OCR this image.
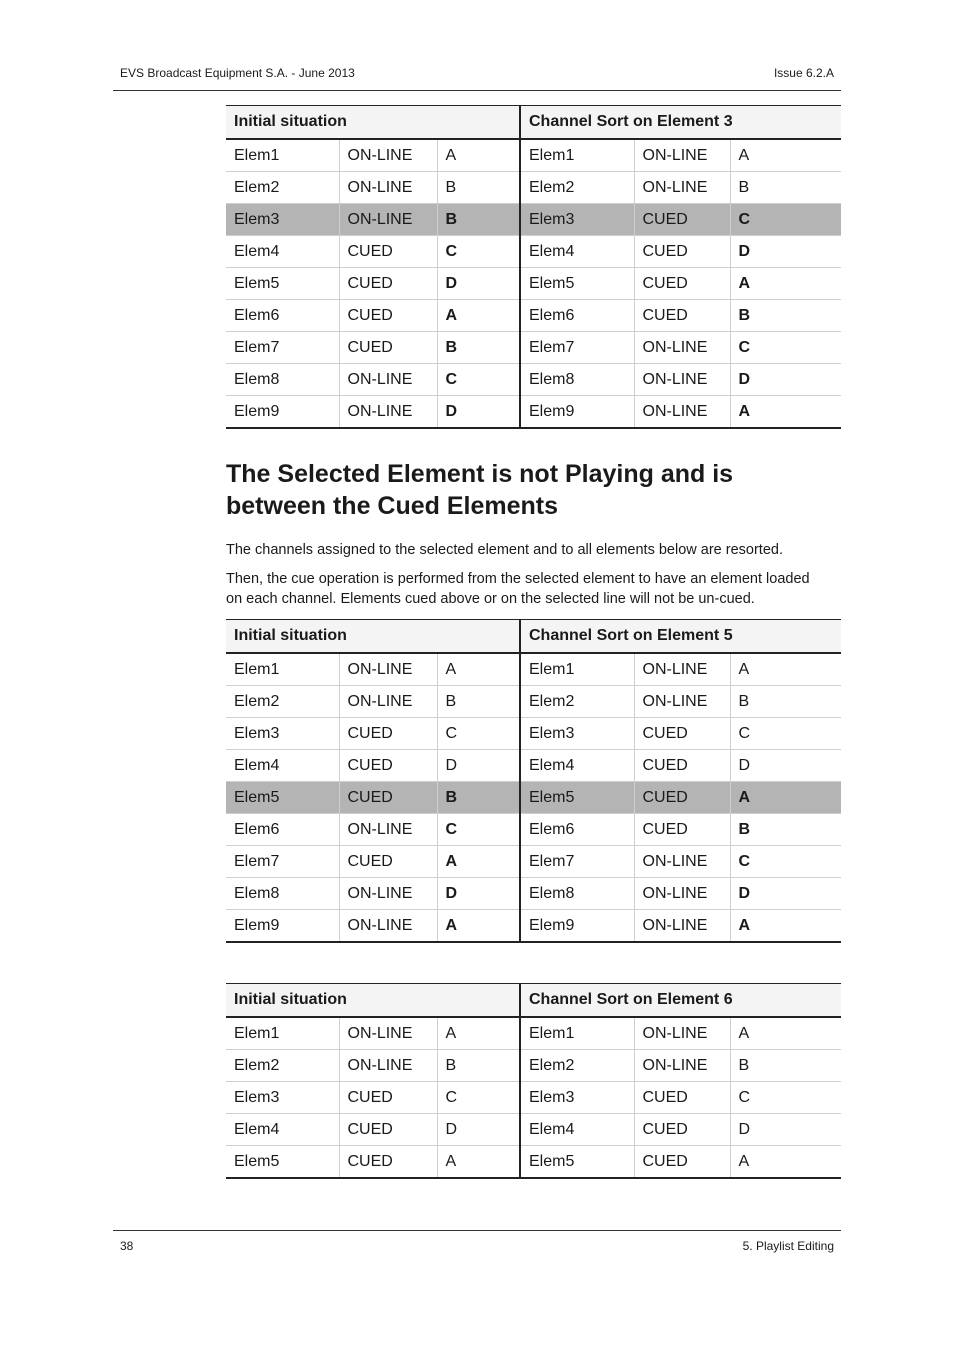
EVS Broadcast Equipment S.A. - June 2013	Issue 6.2.A
Initial situation			Channel Sort on Element 3		
Elem1	ON-LINE	A	Elem1	ON-LINE	A
Elem2	ON-LINE	B	Elem2	ON-LINE	B
Elem3	ON-LINE	B	Elem3	CUED	C
Elem4	CUED	C	Elem4	CUED	D
Elem5	CUED	D	Elem5	CUED	A
Elem6	CUED	A	Elem6	CUED	B
Elem7	CUED	B	Elem7	ON-LINE	C
Elem8	ON-LINE	C	Elem8	ON-LINE	D
Elem9	ON-LINE	D	Elem9	ON-LINE	A
The Selected Element is not Playing and is
between the Cued Elements

The channels assigned to the selected element and to all elements below are resorted.

Then, the cue operation is performed from the selected element to have an element loaded
on each channel. Elements cued above or on the selected line will not be un-cued.

Initial situation			Channel Sort on Element 5		
Elem1	ON-LINE	A	Elem1	ON-LINE	A
Elem2	ON-LINE	B	Elem2	ON-LINE	B
Elem3	CUED	C	Elem3	CUED	C
Elem4	CUED	D	Elem4	CUED	D
Elem5	CUED	B	Elem5	CUED	A
Elem6	ON-LINE	C	Elem6	CUED	B
Elem7	CUED	A	Elem7	ON-LINE	C
Elem8	ON-LINE	D	Elem8	ON-LINE	D
Elem9	ON-LINE	A	Elem9	ON-LINE	A
Initial situation			Channel Sort on Element 6		
Elem1	ON-LINE	A	Elem1	ON-LINE	A
Elem2	ON-LINE	B	Elem2	ON-LINE	B
Elem3	CUED	C	Elem3	CUED	C
Elem4	CUED	D	Elem4	CUED	D
Elem5	CUED	A	Elem5	CUED	A
38	5. Playlist Editing
